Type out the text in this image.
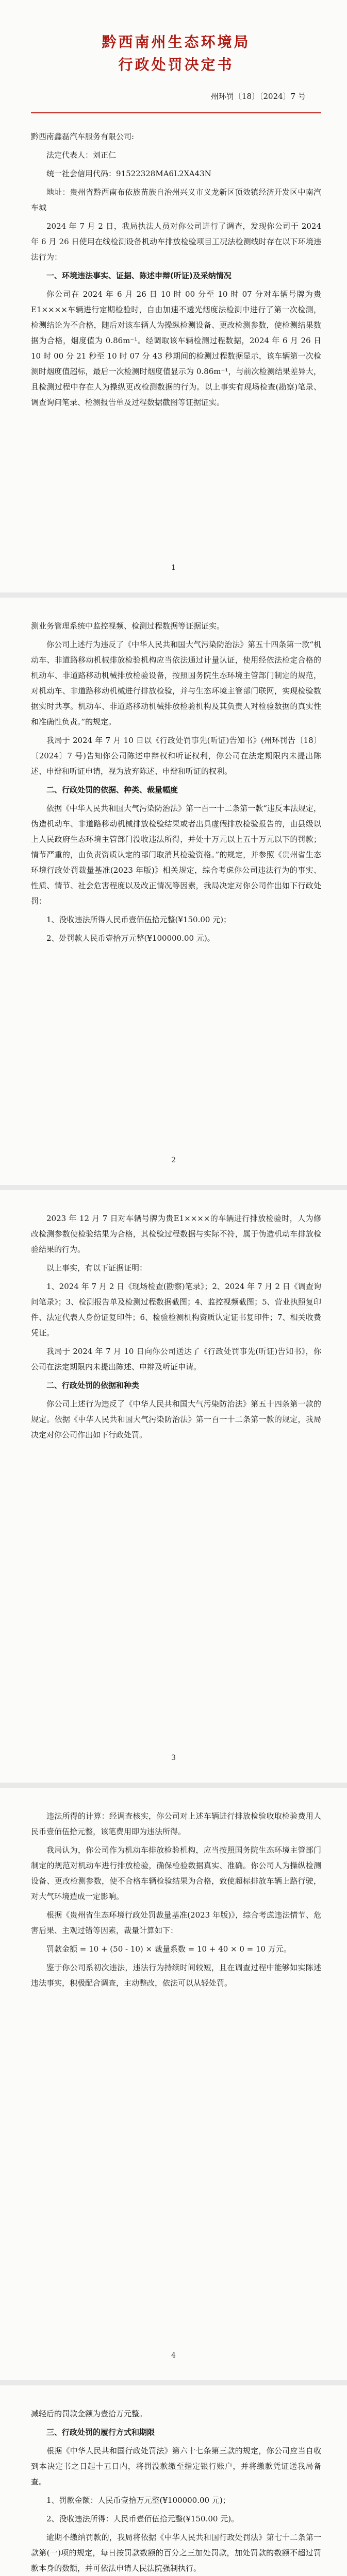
黔西南州生态环境局

行政处罚决定书

州环罚〔18〕〔2024〕7 号

黔西南鑫磊汽车服务有限公司:

法定代表人：刘正仁

统一社会信用代码：91522328MA6L2XA43N

地址：贵州省黔西南布依族苗族自治州兴义市义龙新区顶效镇经济开发区中南汽车城

2024 年 7 月 2 日，我局执法人员对你公司进行了调查，发现你公司于 2024 年 6 月 26 日使用在线检测设备机动车排放检验项目工况法检测线时存在以下环境违法行为：

一、环境违法事实、证据、陈述申辩(听证)及采纳情况

你公司在 2024 年 6 月 26 日 10 时 00 分至 10 时 07 分对车辆号牌为贵E1××××车辆进行定期检验时，自由加速不透光烟度法检测中进行了第一次检测，检测结论为不合格，随后对该车辆人为操纵检测设备、更改检测参数，使检测结果数据为合格，烟度值为 0.86m⁻¹。经调取该车辆检测过程数据，2024 年 6 月 26 日 10 时 00 分 21 秒至 10 时 07 分 43 秒期间的检测过程数据显示，该车辆第一次检测时烟度值超标，最后一次检测时烟度值显示为 0.86m⁻¹，与前次检测结果差异大，且检测过程中存在人为操纵更改检测数据的行为。以上事实有现场检查(勘察)笔录、调查询问笔录、检测报告单及过程数据截图等证据证实。

1

测业务管理系统中监控视频、检测过程数据等证据证实。

你公司上述行为违反了《中华人民共和国大气污染防治法》第五十四条第一款“机动车、非道路移动机械排放检验机构应当依法通过计量认证，使用经依法检定合格的机动车、非道路移动机械排放检验设备，按照国务院生态环境主管部门制定的规范，对机动车、非道路移动机械进行排放检验，并与生态环境主管部门联网，实现检验数据实时共享。机动车、非道路移动机械排放检验机构及其负责人对检验数据的真实性和准确性负责。”的规定。

我局于 2024 年 7 月 10 日以《行政处罚事先(听证)告知书》(州环罚告〔18〕〔2024〕7 号)告知你公司陈述申辩权和听证权利，你公司在法定期限内未提出陈述、申辩和听证申请，视为放弃陈述、申辩和听证的权利。

二、行政处罚的依据、种类、裁量幅度

依据《中华人民共和国大气污染防治法》第一百一十二条第一款“违反本法规定，伪造机动车、非道路移动机械排放检验结果或者出具虚假排放检验报告的，由县级以上人民政府生态环境主管部门没收违法所得，并处十万元以上五十万元以下的罚款；情节严重的，由负责资质认定的部门取消其检验资格。”的规定，并参照《贵州省生态环境行政处罚裁量基准(2023 年版)》相关规定，综合考虑你公司违法行为的事实、性质、情节、社会危害程度以及改正情况等因素，我局决定对你公司作出如下行政处罚：

1、没收违法所得人民币壹佰伍拾元整(¥150.00 元)；

2、处罚款人民币壹拾万元整(¥100000.00 元)。

2

2023 年 12 月 7 日对车辆号牌为贵E1××××的车辆进行排放检验时，人为修改检测参数使检验结果为合格，其检验过程数据与实际不符，属于伪造机动车排放检验结果的行为。

以上事实，有以下证据证明：

1、2024 年 7 月 2 日《现场检查(勘察)笔录》；2、2024 年 7 月 2 日《调查询问笔录》；3、检测报告单及检测过程数据截图；4、监控视频截图；5、营业执照复印件、法定代表人身份证复印件；6、检验检测机构资质认定证书复印件；7、相关收费凭证。

我局于 2024 年 7 月 10 日向你公司送达了《行政处罚事先(听证)告知书》，你公司在法定期限内未提出陈述、申辩及听证申请。

二、行政处罚的依据和种类

你公司上述行为违反了《中华人民共和国大气污染防治法》第五十四条第一款的规定。依据《中华人民共和国大气污染防治法》第一百一十二条第一款的规定，我局决定对你公司作出如下行政处罚。

3

违法所得的计算：经调查核实，你公司对上述车辆进行排放检验收取检验费用人民币壹佰伍拾元整，该笔费用即为违法所得。

我局认为，你公司作为机动车排放检验机构，应当按照国务院生态环境主管部门制定的规范对机动车进行排放检验，确保检验数据真实、准确。你公司人为操纵检测设备、更改检测参数，使不合格车辆检验结果为合格，致使超标排放车辆上路行驶，对大气环境造成一定影响。

根据《贵州省生态环境行政处罚裁量基准(2023 年版)》，综合考虑违法情节、危害后果、主观过错等因素，裁量计算如下：

罚款金额 = 10 + (50 - 10) × 裁量系数 = 10 + 40 × 0 = 10 万元。

鉴于你公司系初次违法，违法行为持续时间较短，且在调查过程中能够如实陈述违法事实，积极配合调查，主动整改，依法可以从轻处罚。

4

减轻后的罚款金额为壹拾万元整。

三、行政处罚的履行方式和期限

根据《中华人民共和国行政处罚法》第六十七条第三款的规定，你公司应当自收到本决定书之日起十五日内，将罚没款缴至指定银行账户，并将缴款凭证送我局备查。

1、罚款金额：人民币壹拾万元整(¥100000.00 元)；

2、没收违法所得：人民币壹佰伍拾元整(¥150.00 元)。

逾期不缴纳罚款的，我局将依据《中华人民共和国行政处罚法》第七十二条第一款第(一)项的规定，每日按罚款数额的百分之三加处罚款，加处罚款的数额不超过罚款本身的数额，并可依法申请人民法院强制执行。
